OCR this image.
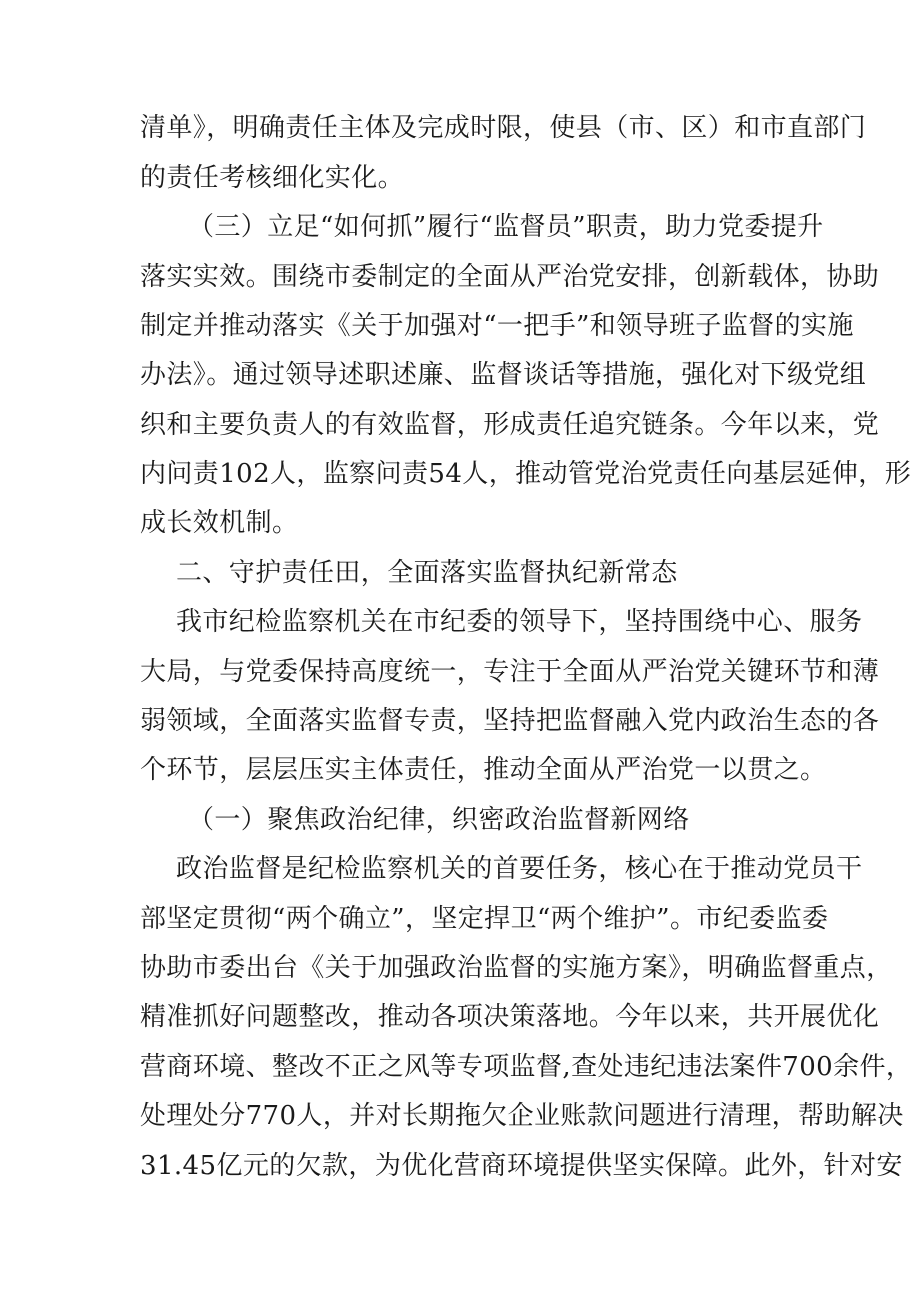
清单》，明确责任主体及完成时限，使县（市、区）和市直部门
的责任考核细化实化。
（三）立足“如何抓”履行“监督员”职责，助力党委提升
落实实效。围绕市委制定的全面从严治党安排，创新载体，协助
制定并推动落实《关于加强对“一把手”和领导班子监督的实施
办法》。通过领导述职述廉、监督谈话等措施，强化对下级党组
织和主要负责人的有效监督，形成责任追究链条。今年以来，党
内问责102人，监察问责54人，推动管党治党责任向基层延伸，形
成长效机制。
二、守护责任田，全面落实监督执纪新常态
我市纪检监察机关在市纪委的领导下，坚持围绕中心、服务
大局，与党委保持高度统一，专注于全面从严治党关键环节和薄
弱领域，全面落实监督专责，坚持把监督融入党内政治生态的各
个环节，层层压实主体责任，推动全面从严治党一以贯之。
（一）聚焦政治纪律，织密政治监督新网络
政治监督是纪检监察机关的首要任务，核心在于推动党员干
部坚定贯彻“两个确立”，坚定捍卫“两个维护”。市纪委监委
协助市委出台《关于加强政治监督的实施方案》，明确监督重点，
精准抓好问题整改，推动各项决策落地。今年以来，共开展优化
营商环境、整改不正之风等专项监督,查处违纪违法案件700余件，
处理处分770人，并对长期拖欠企业账款问题进行清理，帮助解决
31.45亿元的欠款，为优化营商环境提供坚实保障。此外，针对安
